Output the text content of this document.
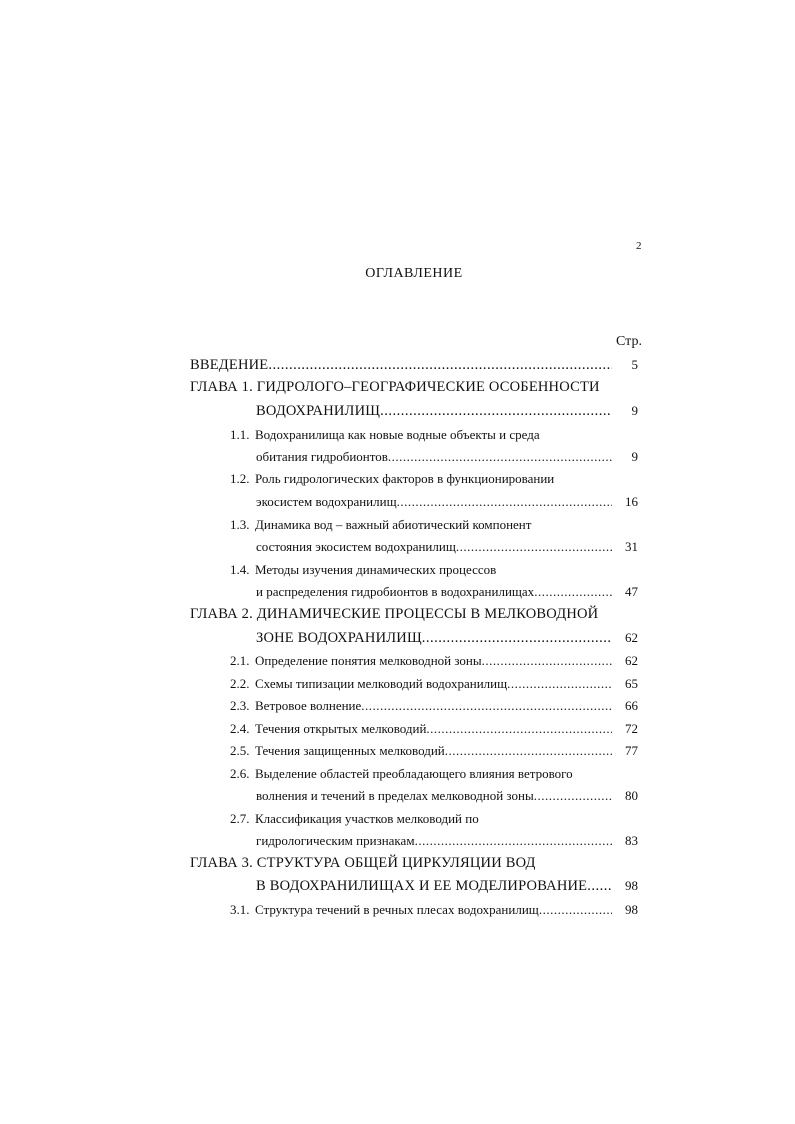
2
ОГЛАВЛЕНИЕ
Стр.
ВВЕДЕНИЕ .....	5
ГЛАВА 1. ГИДРОЛОГО–ГЕОГРАФИЧЕСКИЕ ОСОБЕННОСТИ
ВОДОХРАНИЛИЩ .....	9
1.1. Водохранилища как новые водные объекты и среда
обитания гидробионтов .....	9
1.2. Роль гидрологических факторов в функционировании
экосистем водохранилищ .....	16
1.3. Динамика вод – важный абиотический компонент
состояния экосистем водохранилищ .....	31
1.4. Методы изучения динамических процессов
и распределения гидробионтов в водохранилищах .....	47
ГЛАВА 2. ДИНАМИЧЕСКИЕ ПРОЦЕССЫ В МЕЛКОВОДНОЙ
ЗОНЕ ВОДОХРАНИЛИЩ .....	62
2.1. Определение понятия мелководной зоны .....	62
2.2. Схемы типизации мелководий водохранилищ .....	65
2.3. Ветровое волнение .....	66
2.4. Течения открытых мелководий .....	72
2.5. Течения защищенных мелководий .....	77
2.6. Выделение областей преобладающего влияния ветрового
волнения и течений в пределах мелководной зоны .....	80
2.7. Классификация участков мелководий по
гидрологическим признакам .....	83
ГЛАВА 3. СТРУКТУРА ОБЩЕЙ ЦИРКУЛЯЦИИ ВОД
В ВОДОХРАНИЛИЩАХ И ЕЕ МОДЕЛИРОВАНИЕ .....	98
3.1. Структура течений в речных плесах водохранилищ .....	98
